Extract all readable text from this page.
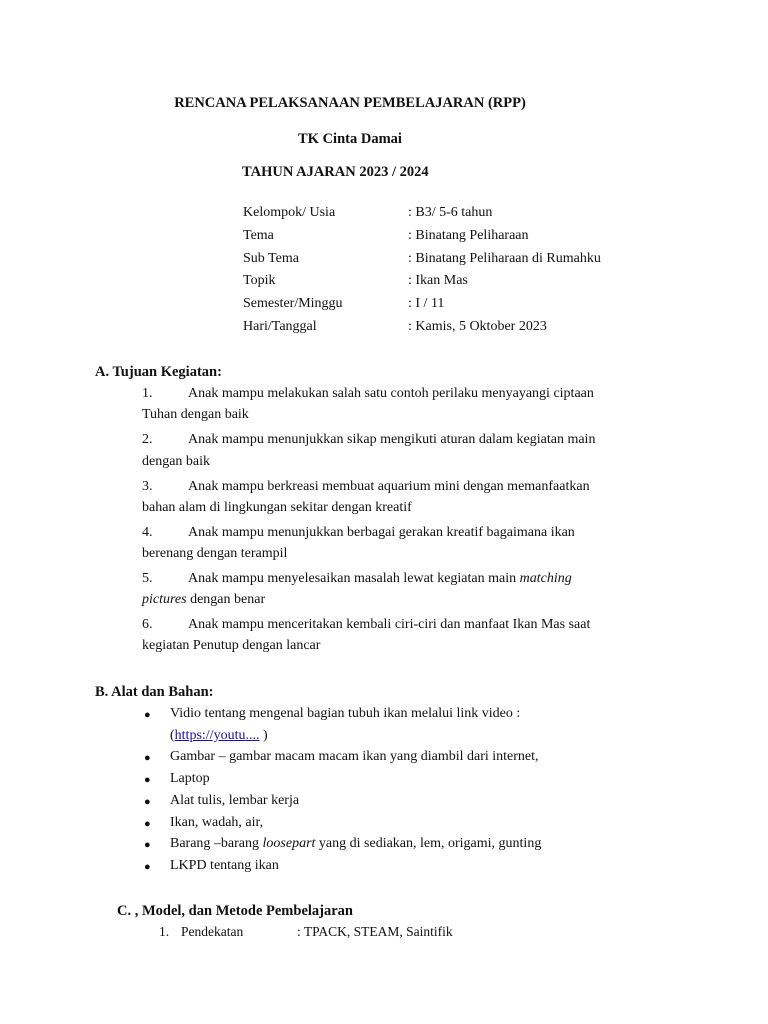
RENCANA PELAKSANAAN PEMBELAJARAN (RPP)
TK Cinta Damai
TAHUN AJARAN 2023 / 2024
Kelompok/ Usia	: B3/ 5-6 tahun
Tema	: Binatang Peliharaan
Sub Tema	: Binatang Peliharaan di Rumahku
Topik	: Ikan Mas
Semester/Minggu	: I / 11
Hari/Tanggal	: Kamis, 5 Oktober 2023
A. Tujuan Kegiatan:
1.	Anak mampu melakukan salah satu contoh perilaku menyayangi ciptaan
Tuhan dengan baik
2.	Anak mampu menunjukkan sikap mengikuti aturan dalam kegiatan main
dengan baik
3.	Anak mampu berkreasi membuat aquarium mini dengan memanfaatkan
bahan alam di lingkungan sekitar dengan kreatif
4.	Anak mampu menunjukkan berbagai gerakan kreatif bagaimana ikan
berenang dengan terampil
5.	Anak mampu menyelesaikan masalah lewat kegiatan main matching
pictures dengan benar
6.	Anak mampu menceritakan kembali ciri-ciri dan manfaat Ikan Mas saat
kegiatan Penutup dengan lancar
B. Alat dan Bahan:
● Vidio tentang mengenal bagian tubuh ikan melalui link video :
(https://youtu.... )
● Gambar – gambar macam macam ikan yang diambil dari internet,
● Laptop
● Alat tulis, lembar kerja
● Ikan, wadah, air,
● Barang –barang loosepart yang di sediakan, lem, origami, gunting
● LKPD tentang ikan
C. , Model, dan Metode Pembelajaran
1. Pendekatan	: TPACK, STEAM, Saintifik
